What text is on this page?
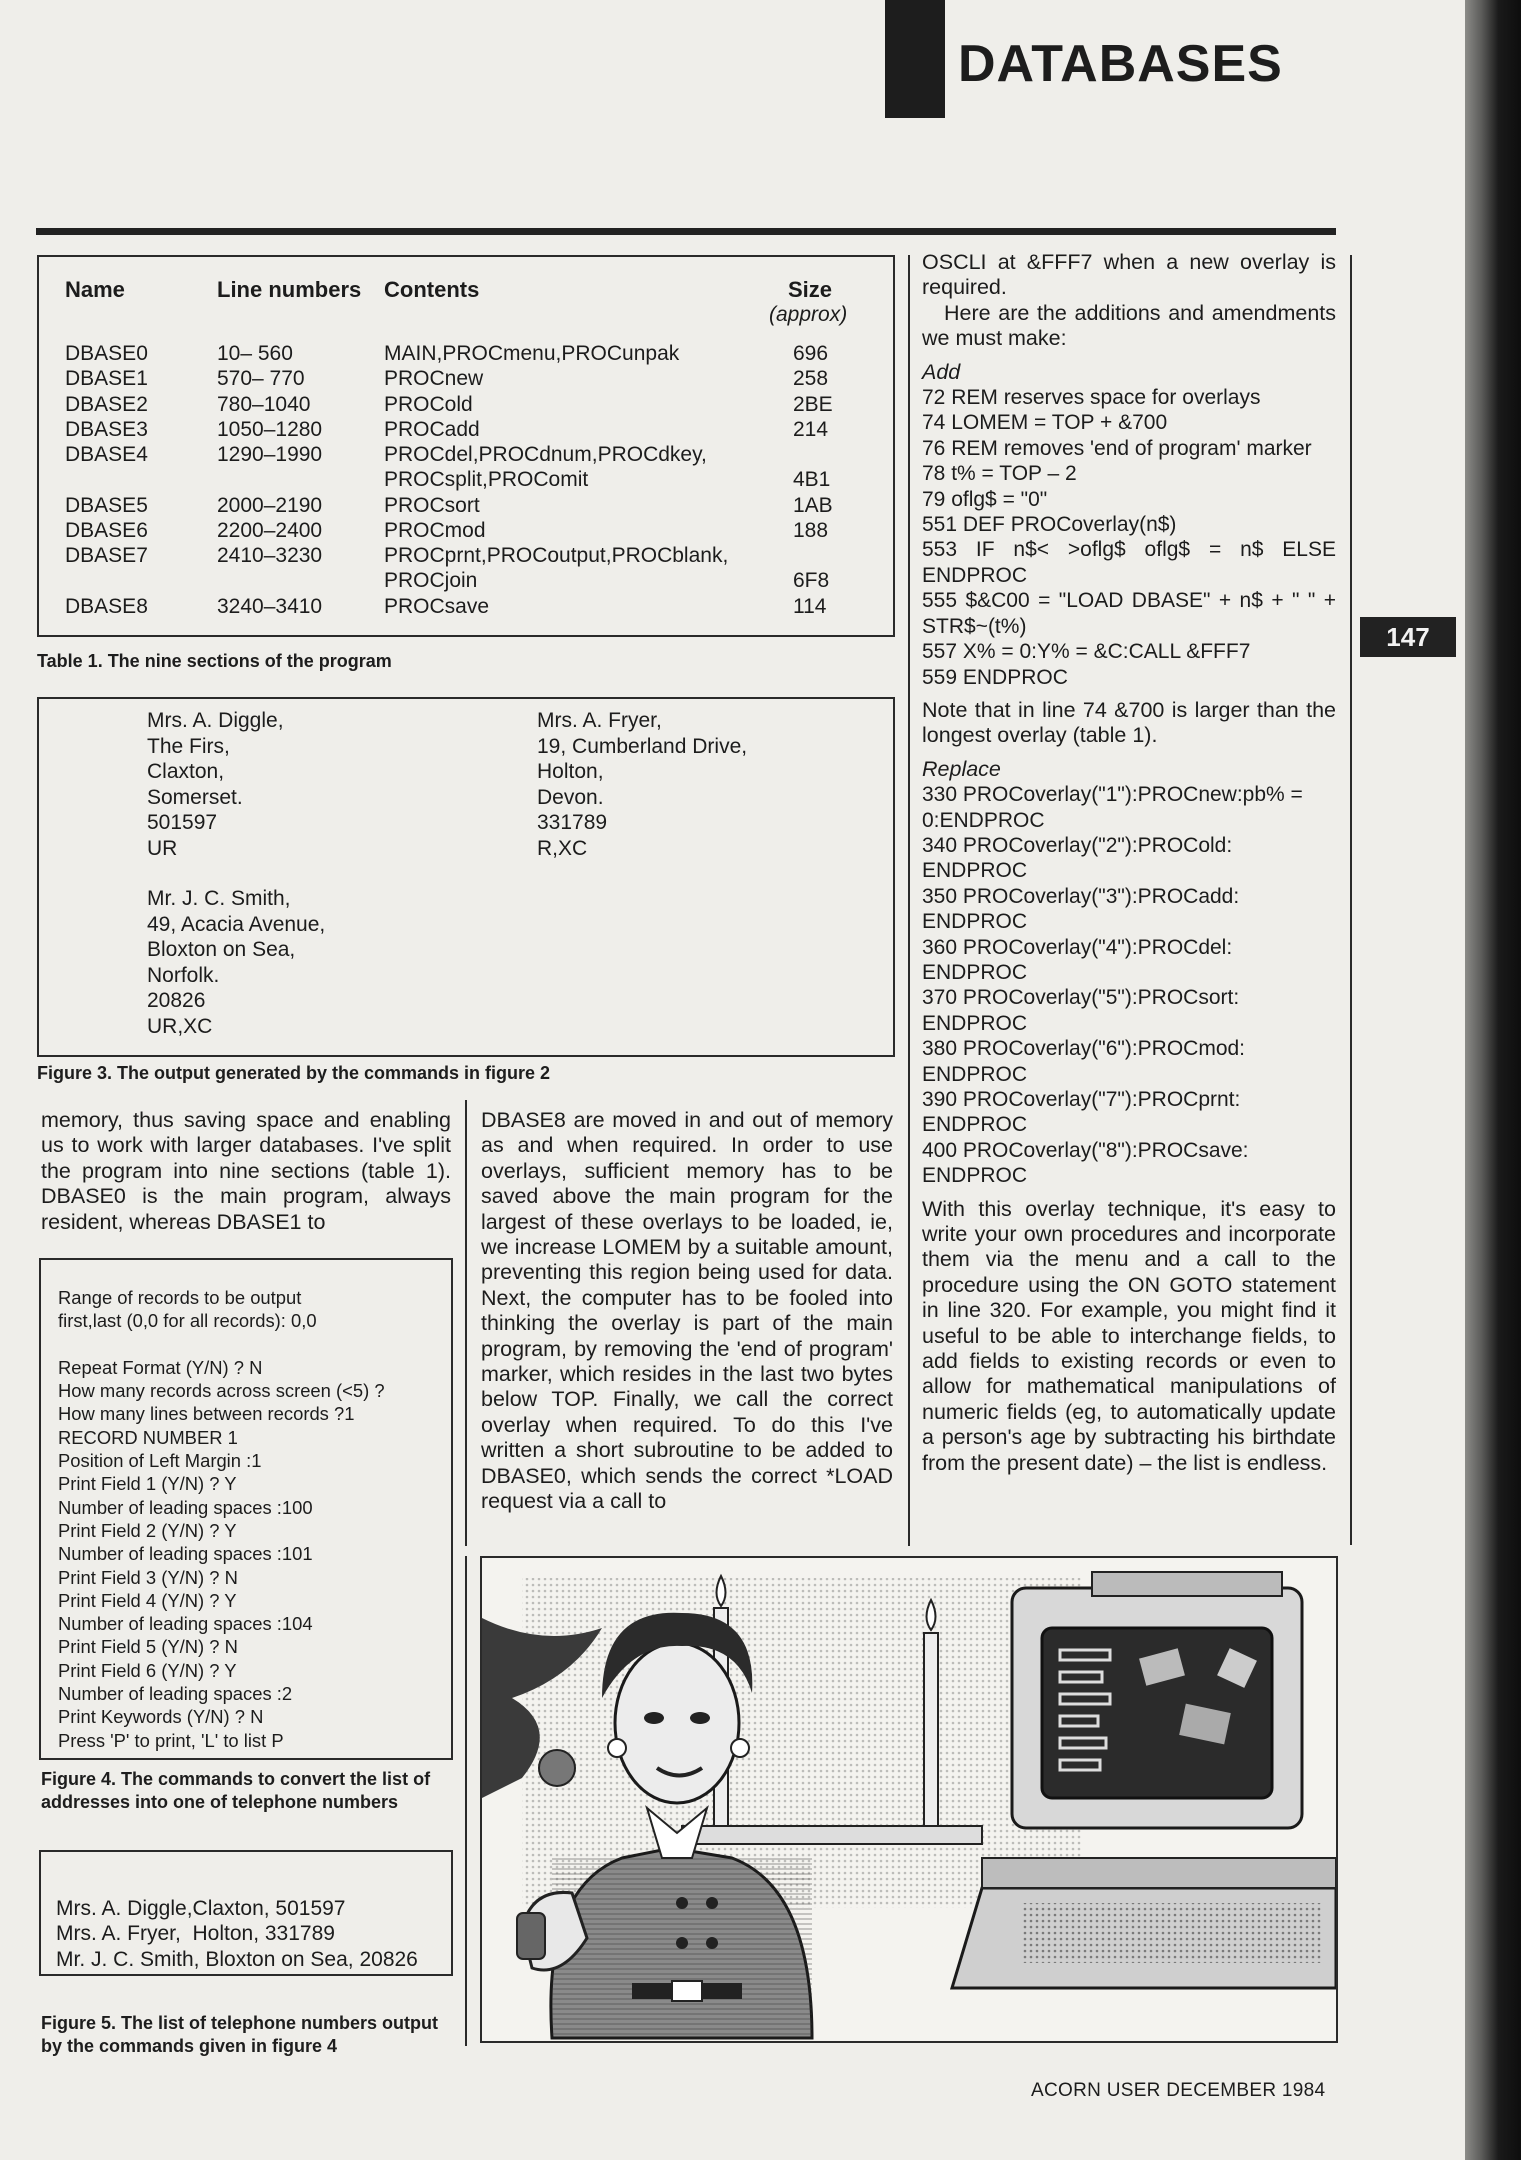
DATABASES
147
Name	Line numbers Contents	Size
(approx)
DBASE0	10– 560	MAIN,PROCmenu,PROCunpak	696
DBASE1	570– 770	PROCnew	258
DBASE2	780–1040	PROCold	2BE
DBASE3	1050–1280	PROCadd	214
DBASE4	1290–1990	PROCdel,PROCdnum,PROCdkey,
PROCsplit,PROComit	4B1
DBASE5	2000–2190	PROCsort	1AB
DBASE6	2200–2400	PROCmod	188
DBASE7	2410–3230	PROCprnt,PROCoutput,PROCblank,
PROCjoin	6F8
DBASE8	3240–3410	PROCsave	114
Table 1. The nine sections of the program
Mrs. A. Diggle,
The Firs,
Claxton,
Somerset.
501597
UR
Mrs. A. Fryer,
19, Cumberland Drive,
Holton,
Devon.
331789
R,XC
Mr. J. C. Smith,
49, Acacia Avenue,
Bloxton on Sea,
Norfolk.
20826
UR,XC
Figure 3. The output generated by the commands in figure 2

memory, thus saving space and enabling us to work with larger databases. I've split the program into nine sections (table 1). DBASE0 is the main program, always resident, whereas DBASE1 to

Range of records to be output
first,last (0,0 for all records): 0,0

Repeat Format (Y/N) ? N
How many records across screen (<5) ?
How many lines between records ?1
RECORD NUMBER 1
Position of Left Margin :1
Print Field 1 (Y/N) ? Y
Number of leading spaces :100
Print Field 2 (Y/N) ? Y
Number of leading spaces :101
Print Field 3 (Y/N) ? N
Print Field 4 (Y/N) ? Y
Number of leading spaces :104
Print Field 5 (Y/N) ? N
Print Field 6 (Y/N) ? Y
Number of leading spaces :2
Print Keywords (Y/N) ? N
Press 'P' to print, 'L' to list P
Figure 4. The commands to convert the list of addresses into one of telephone numbers
Mrs. A. Diggle,Claxton, 501597
Mrs. A. Fryer,  Holton, 331789
Mr. J. C. Smith, Bloxton on Sea, 20826
Figure 5. The list of telephone numbers output by the commands given in figure 4

DBASE8 are moved in and out of memory as and when required. In order to use overlays, sufficient memory has to be saved above the main program for the largest of these overlays to be loaded, ie, we increase LOMEM by a suitable amount, preventing this region being used for data. Next, the computer has to be fooled into thinking the overlay is part of the main program, by removing the 'end of program' marker, which resides in the last two bytes below TOP. Finally, we call the correct overlay when required. To do this I've written a short subroutine to be added to DBASE0, which sends the correct *LOAD request via a call to

OSCLI at &FFF7 when a new overlay is required.

Here are the additions and amendments we must make:

Add

72 REM reserves space for overlays

74 LOMEM = TOP + &700

76 REM removes 'end of program' marker

78 t% = TOP – 2

79 oflg$ = "0"

551 DEF PROCoverlay(n$)

553 IF n$< >oflg$ oflg$ = n$ ELSE ENDPROC

555 $&C00 = "LOAD DBASE" + n$ + " " + STR$~(t%)

557 X% = 0:Y% = &C:CALL &FFF7

559 ENDPROC

Note that in line 74 &700 is larger than the longest overlay (table 1).

Replace

330 PROCoverlay("1"):PROCnew:pb% = 0:ENDPROC

340 PROCoverlay("2"):PROCold: ENDPROC

350 PROCoverlay("3"):PROCadd: ENDPROC

360 PROCoverlay("4"):PROCdel: ENDPROC

370 PROCoverlay("5"):PROCsort: ENDPROC

380 PROCoverlay("6"):PROCmod: ENDPROC

390 PROCoverlay("7"):PROCprnt: ENDPROC

400 PROCoverlay("8"):PROCsave: ENDPROC

With this overlay technique, it's easy to write your own procedures and incorporate them via the menu and a call to the procedure using the ON GOTO statement in line 320. For example, you might find it useful to be able to interchange fields, to add fields to existing records or even to allow for mathematical manipulations of numeric fields (eg, to automatically update a person's age by subtracting his birthdate from the present date) – the list is endless.

ACORN USER DECEMBER 1984
